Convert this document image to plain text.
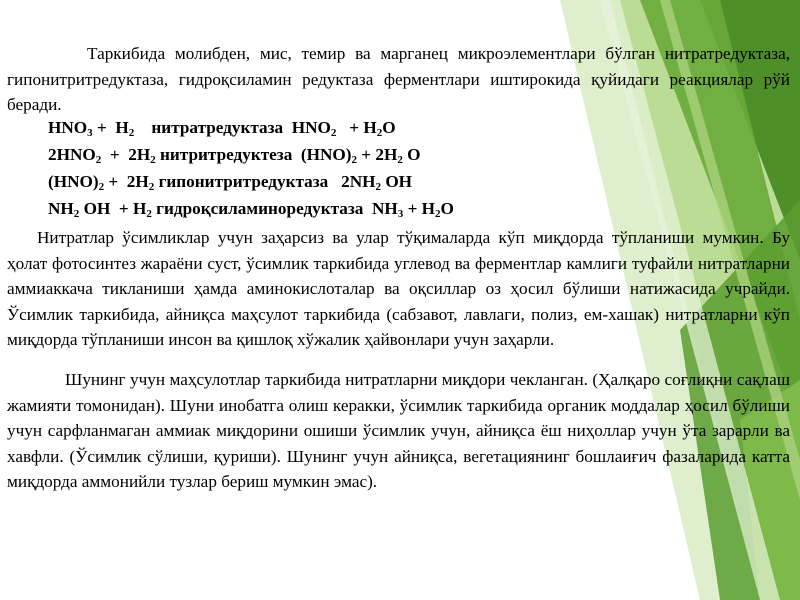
Таркибида молибден, мис, темир ва марганец микроэлементлари бўлган нитратредуктаза, гипонитритредуктаза, гидроқсиламин редуктаза ферментлари иштирокида қуйидаги реакциялар рўй беради.

$HNO_3 + H_2$    нитратредуктаза  $HNO_2 + H_2O$
$2HNO_2 + 2H_2$ нитритредуктеза  $(HNO)_2 + 2H_2$ O
$(HNO)_2 + 2H_2$ гипонитритредуктаза   $2NH_2$ OH
$NH_2$ OH  + $H_2$ гидроқсиламинoредуктаза  $NH_3 + H_2O$

Нитратлар ўсимликлар учун заҳарсиз ва улар тўқималарда кўп миқдорда тўпланиши мумкин. Бу ҳолат фотосинтез жараёни суст, ўсимлик таркибида углевод ва ферментлар камлиги туфайли нитратларни аммиаккача тикланиши ҳамда аминокислоталар ва оқсиллар оз ҳосил бўлиши натижасида учрайди. Ўсимлик таркибида, айниқса маҳсулот таркибида (сабзавот, лавлаги, полиз, ем-хашак) нитратларни кўп миқдорда тўпланиши инсон ва қишлоқ хўжалик ҳайвонлари учун заҳарли.

Шунинг учун маҳсулотлар таркибида нитратларни миқдори чекланган. (Ҳалқаро соғлиқни сақлаш жамияти томонидан). Шуни инобатга олиш керакки, ўсимлик таркибида органик моддалар ҳосил бўлиши учун сарфланмаган аммиак миқдорини ошиши ўсимлик учун, айниқса ёш ниҳоллар учун ўта зарарли ва хавфли. (Ўсимлик сўлиши, қуриши). Шунинг учун айниқса, вегетациянинг бошлаиғич фазаларида катта миқдорда аммонийли тузлар бериш мумкин эмас).
